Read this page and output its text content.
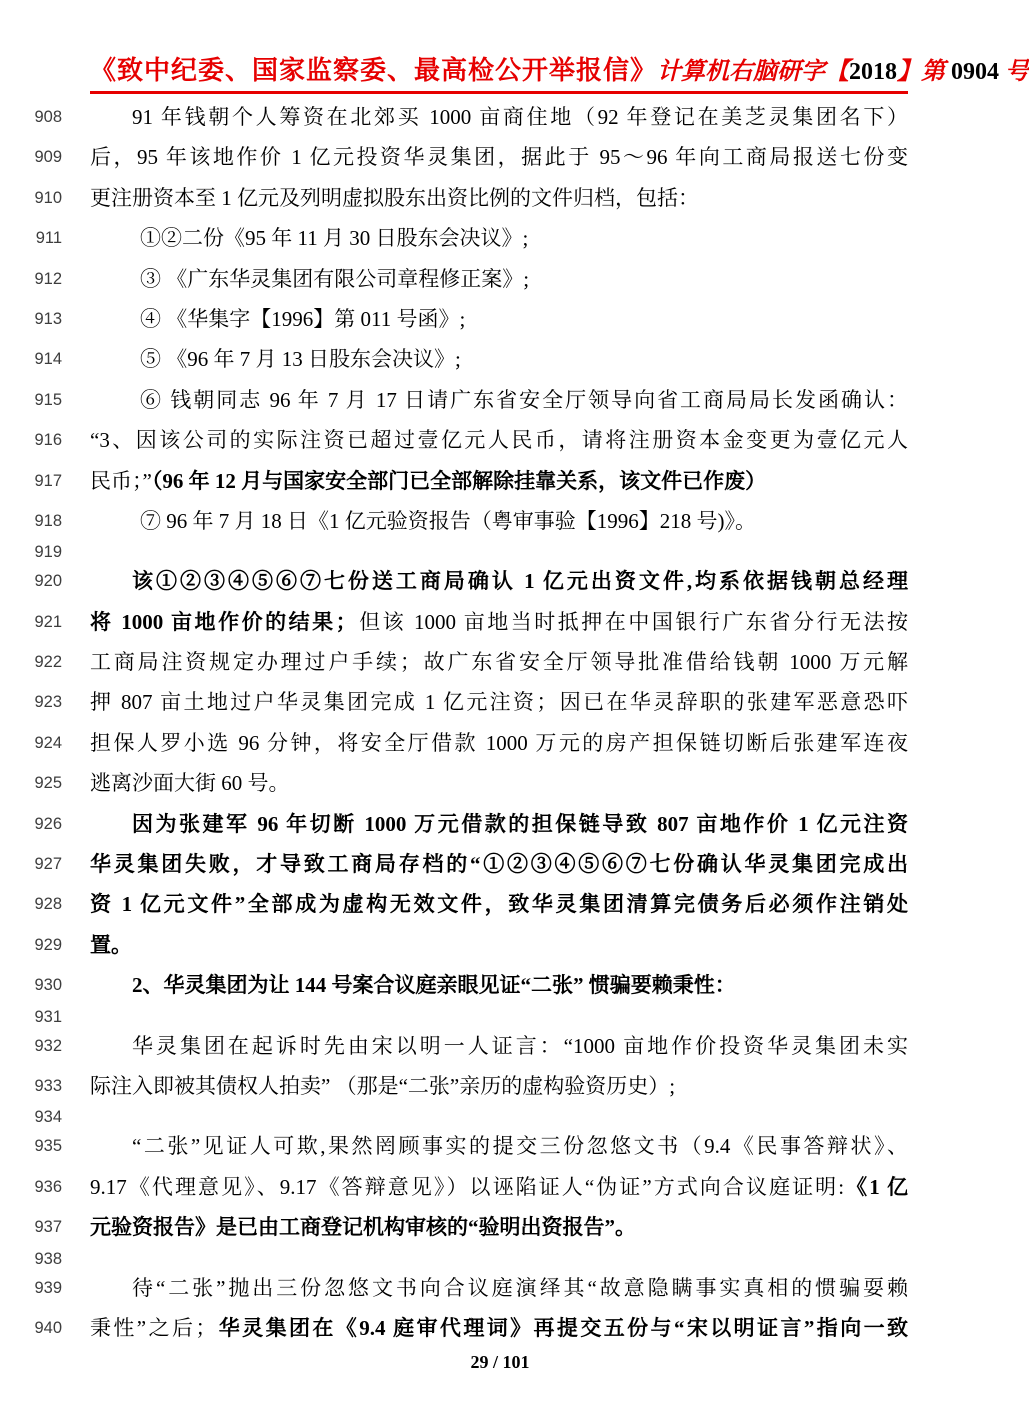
《致中纪委、国家监察委、最高检公开举报信》 计算机右脑研字【2018】第 0904 号
908	91 年钱朝个人筹资在北郊买 1000 亩商住地（92 年登记在美芝灵集团名下）
909 后，95 年该地作价 1 亿元投资华灵集团，据此于 95～96 年向工商局报送七份变
910 更注册资本至 1 亿元及列明虚拟股东出资比例的文件归档，包括：
911	①②二份《95 年 11 月 30 日股东会决议》;
912	③ 《广东华灵集团有限公司章程修正案》;
913	④ 《华集字【1996】第 011 号函》;
914	⑤ 《96 年 7 月 13 日股东会决议》;
915	⑥ 钱朝同志 96 年 7 月 17 日请广东省安全厅领导向省工商局局长发函确认：
916 “3、因该公司的实际注资已超过壹亿元人民币，请将注册资本金变更为壹亿元人
917 民币；”（96 年 12 月与国家安全部门已全部解除挂靠关系，该文件已作废）
918	⑦ 96 年 7 月 18 日《1 亿元验资报告（粤审事验【1996】218 号)》。
919
920	该①②③④⑤⑥⑦七份送工商局确认 1 亿元出资文件,均系依据钱朝总经理
921 将 1000 亩地作价的结果；但该 1000 亩地当时抵押在中国银行广东省分行无法按
922 工商局注资规定办理过户手续；故广东省安全厅领导批准借给钱朝 1000 万元解
923 押 807 亩土地过户华灵集团完成 1 亿元注资；因已在华灵辞职的张建军恶意恐吓
924 担保人罗小选 96 分钟，将安全厅借款 1000 万元的房产担保链切断后张建军连夜
925 逃离沙面大街 60 号。
926	因为张建军 96 年切断 1000 万元借款的担保链导致 807 亩地作价 1 亿元注资
927 华灵集团失败，才导致工商局存档的“①②③④⑤⑥⑦七份确认华灵集团完成出
928 资 1 亿元文件”全部成为虚构无效文件，致华灵集团清算完债务后必须作注销处
929 置。
930	2、华灵集团为让 144 号案合议庭亲眼见证“二张” 惯骗要赖秉性：
931
932	华灵集团在起诉时先由宋以明一人证言：“1000 亩地作价投资华灵集团未实
933 际注入即被其债权人拍卖” （那是“二张”亲历的虚构验资历史）;
934
935	“二张”见证人可欺,果然罔顾事实的提交三份忽悠文书（9.4《民事答辩状》、
936 9.17《代理意见》、9.17《答辩意见》）以诬陷证人“伪证”方式向合议庭证明:《1 亿
937 元验资报告》是已由工商登记机构审核的“验明出资报告”。
938
939	待“二张”抛出三份忽悠文书向合议庭演绎其“故意隐瞒事实真相的惯骗耍赖
940 秉性”之后；华灵集团在《9.4 庭审代理词》再提交五份与“宋以明证言”指向一致
29 / 101
